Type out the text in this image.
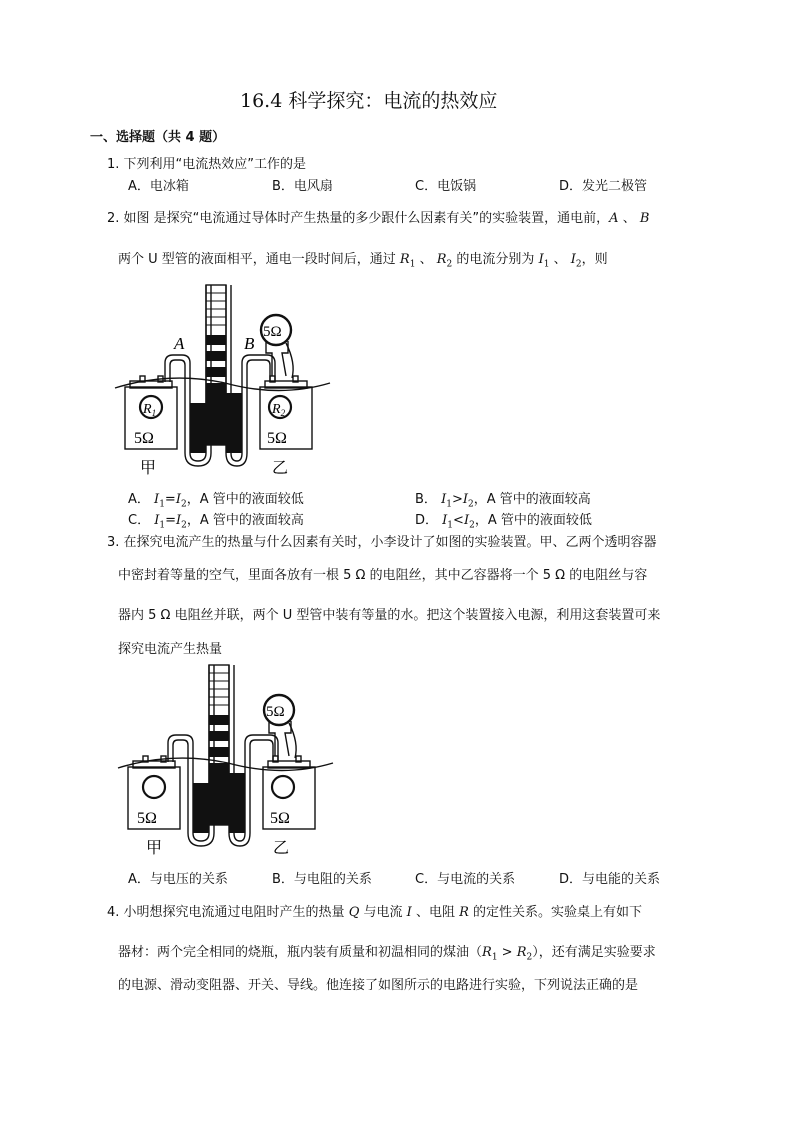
16.4 科学探究：电流的热效应
一、选择题（共 4 题）
1. 下列利用“电流热效应”工作的是
A．电冰箱	B．电风扇	C．电饭锅	D．发光二极管
2. 如图 是探究“电流通过导体时产生热量的多少跟什么因素有关”的实验装置，通电前，A 、 B
两个 U 型管的液面相平，通电一段时间后，通过 $R_1$ 、 $R_2$ 的电流分别为 $I_1$ 、 $I_2$，则
A	B
$R_1$	$R_2$
5Ω	5Ω
5Ω
甲	乙
A． $I_1=I_2$，A 管中的液面较低	B． $I_1>I_2$，A 管中的液面较高
C． $I_1=I_2$，A 管中的液面较高	D． $I_1<I_2$，A 管中的液面较低
3. 在探究电流产生的热量与什么因素有关时，小李设计了如图的实验装置。甲、乙两个透明容器
中密封着等量的空气，里面各放有一根 5 Ω 的电阻丝，其中乙容器将一个 5 Ω 的电阻丝与容
器内 5 Ω 电阻丝并联，两个 U 型管中装有等量的水。把这个装置接入电源，利用这套装置可来
探究电流产生热量
5Ω	5Ω
5Ω
甲	乙
A．与电压的关系	B．与电阻的关系	C．与电流的关系	D．与电能的关系
4. 小明想探究电流通过电阻时产生的热量 Q 与电流 I 、电阻 R 的定性关系。实验桌上有如下
器材：两个完全相同的烧瓶，瓶内装有质量和初温相同的煤油$(R_1 > R_2)$，还有满足实验要求
的电源、滑动变阻器、开关、导线。他连接了如图所示的电路进行实验，下列说法正确的是
